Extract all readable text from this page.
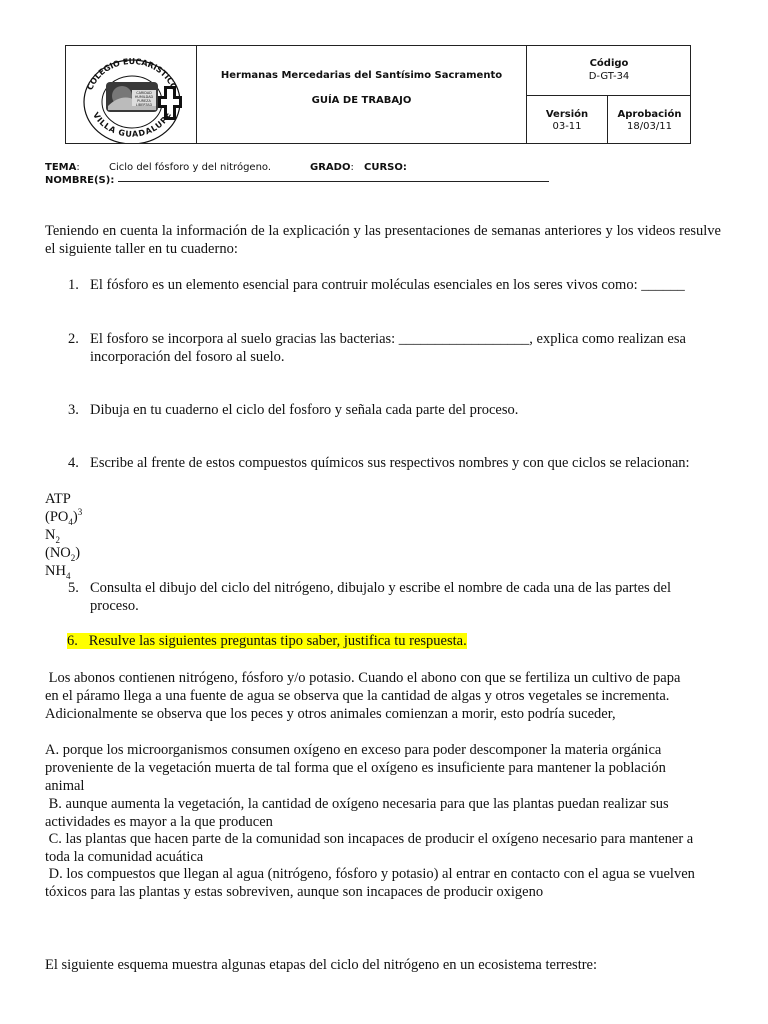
COLEGIO EUCARISTICO
VILLA GUADALUPE
CARIDAD
HUMILDAD
PUREZA
LIBERTAD
Hermanas Mercedarias del Santísimo Sacramento
GUÍA DE TRABAJO
Código
D-GT-34
Versión
03-11
Aprobación
18/03/11
TEMA:	Ciclo del fósforo y del nitrógeno.	GRADO: CURSO:
NOMBRE(S):
Teniendo en cuenta la información de la explicación y las presentaciones de semanas anteriores y los videos resulve el siguiente taller en tu cuaderno:
1. El fósforo es un elemento esencial para contruir moléculas esenciales en los seres vivos como: ______
2. El fosforo se incorpora al suelo gracias las bacterias: __________________, explica como realizan esa
incorporación del fosoro al suelo.
3. Dibuja en tu cuaderno el ciclo del fosforo y señala cada parte del proceso.
4. Escribe al frente de estos compuestos químicos sus respectivos nombres y con que ciclos se relacionan:
ATP
$(PO_4)^3$
$N_2$
$(NO_2)$
$NH_4$
5. Consulta el dibujo del ciclo del nitrógeno, dibujalo y escribe el nombre de cada una de las partes del
proceso.
6. Resulve las siguientes preguntas tipo saber, justifica tu respuesta.
Los abonos contienen nitrógeno, fósforo y/o potasio. Cuando el abono con que se fertiliza un cultivo de papa
en el páramo llega a una fuente de agua se observa que la cantidad de algas y otros vegetales se incrementa.
Adicionalmente se observa que los peces y otros animales comienzan a morir, esto podría suceder,
A. porque los microorganismos consumen oxígeno en exceso para poder descomponer la materia orgánica
proveniente de la vegetación muerta de tal forma que el oxígeno es insuficiente para mantener la población
animal
B. aunque aumenta la vegetación, la cantidad de oxígeno necesaria para que las plantas puedan realizar sus
actividades es mayor a la que producen
C. las plantas que hacen parte de la comunidad son incapaces de producir el oxígeno necesario para mantener a
toda la comunidad acuática
D. los compuestos que llegan al agua (nitrógeno, fósforo y potasio) al entrar en contacto con el agua se vuelven
tóxicos para las plantas y estas sobreviven, aunque son incapaces de producir oxigeno
El siguiente esquema muestra algunas etapas del ciclo del nitrógeno en un ecosistema terrestre:
